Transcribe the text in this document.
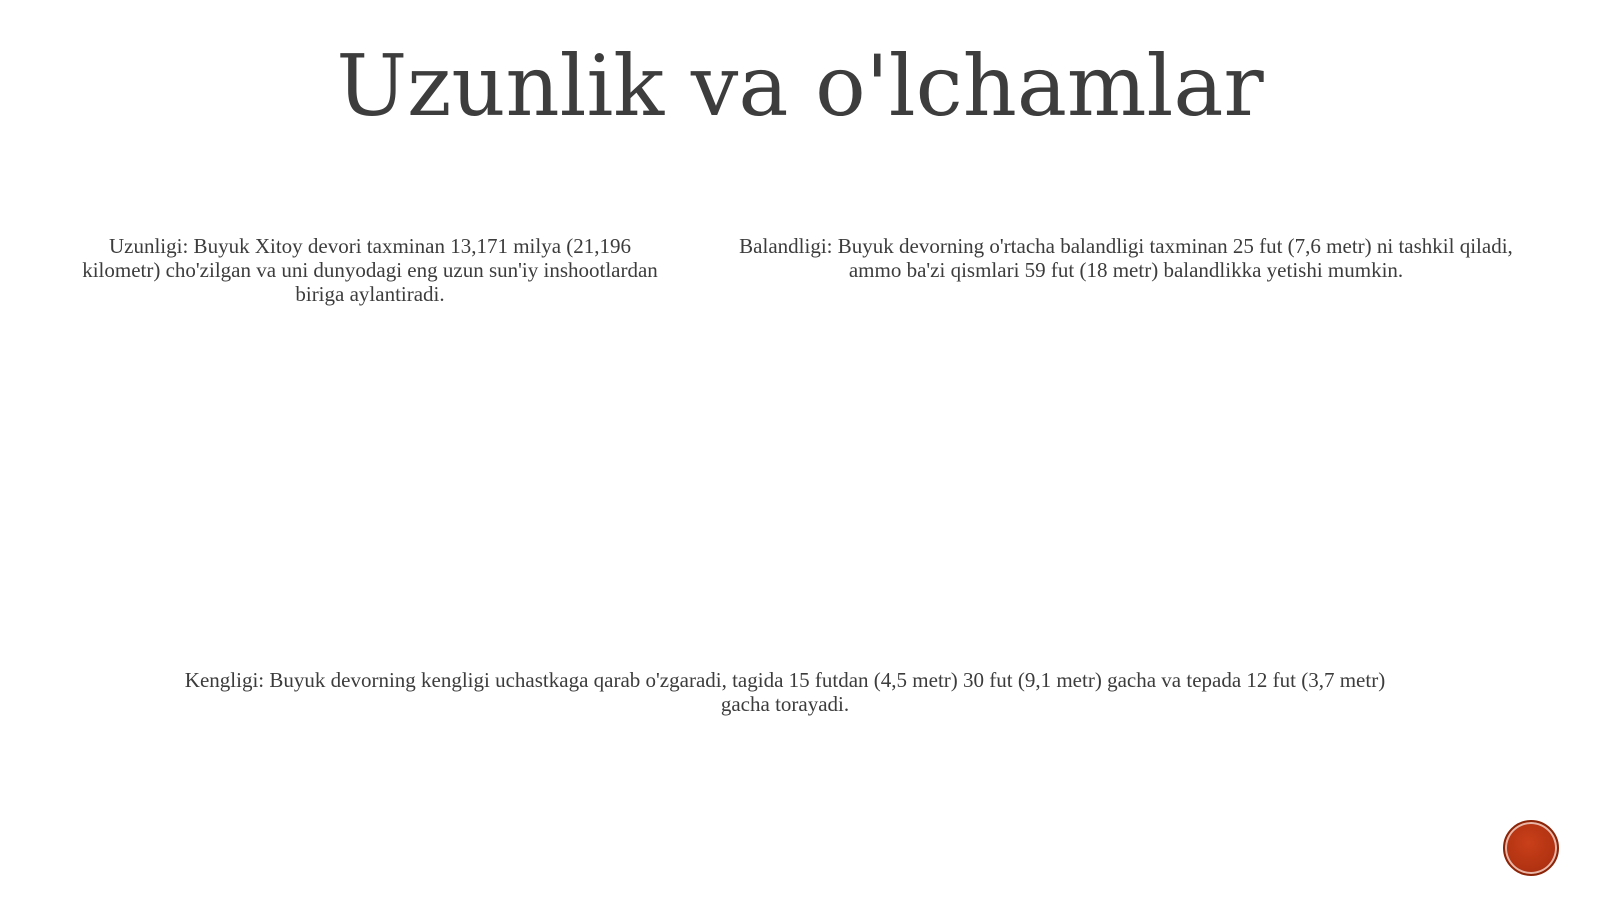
Uzunlik va o'lchamlar
Uzunligi: Buyuk Xitoy devori taxminan 13,171 milya (21,196 kilometr) cho'zilgan va uni dunyodagi eng uzun sun'iy inshootlardan biriga aylantiradi.
Balandligi: Buyuk devorning o'rtacha balandligi taxminan 25 fut (7,6 metr) ni tashkil qiladi, ammo ba'zi qismlari 59 fut (18 metr) balandlikka yetishi mumkin.
Kengligi: Buyuk devorning kengligi uchastkaga qarab o'zgaradi, tagida 15 futdan (4,5 metr) 30 fut (9,1 metr) gacha va tepada 12 fut (3,7 metr) gacha torayadi.
